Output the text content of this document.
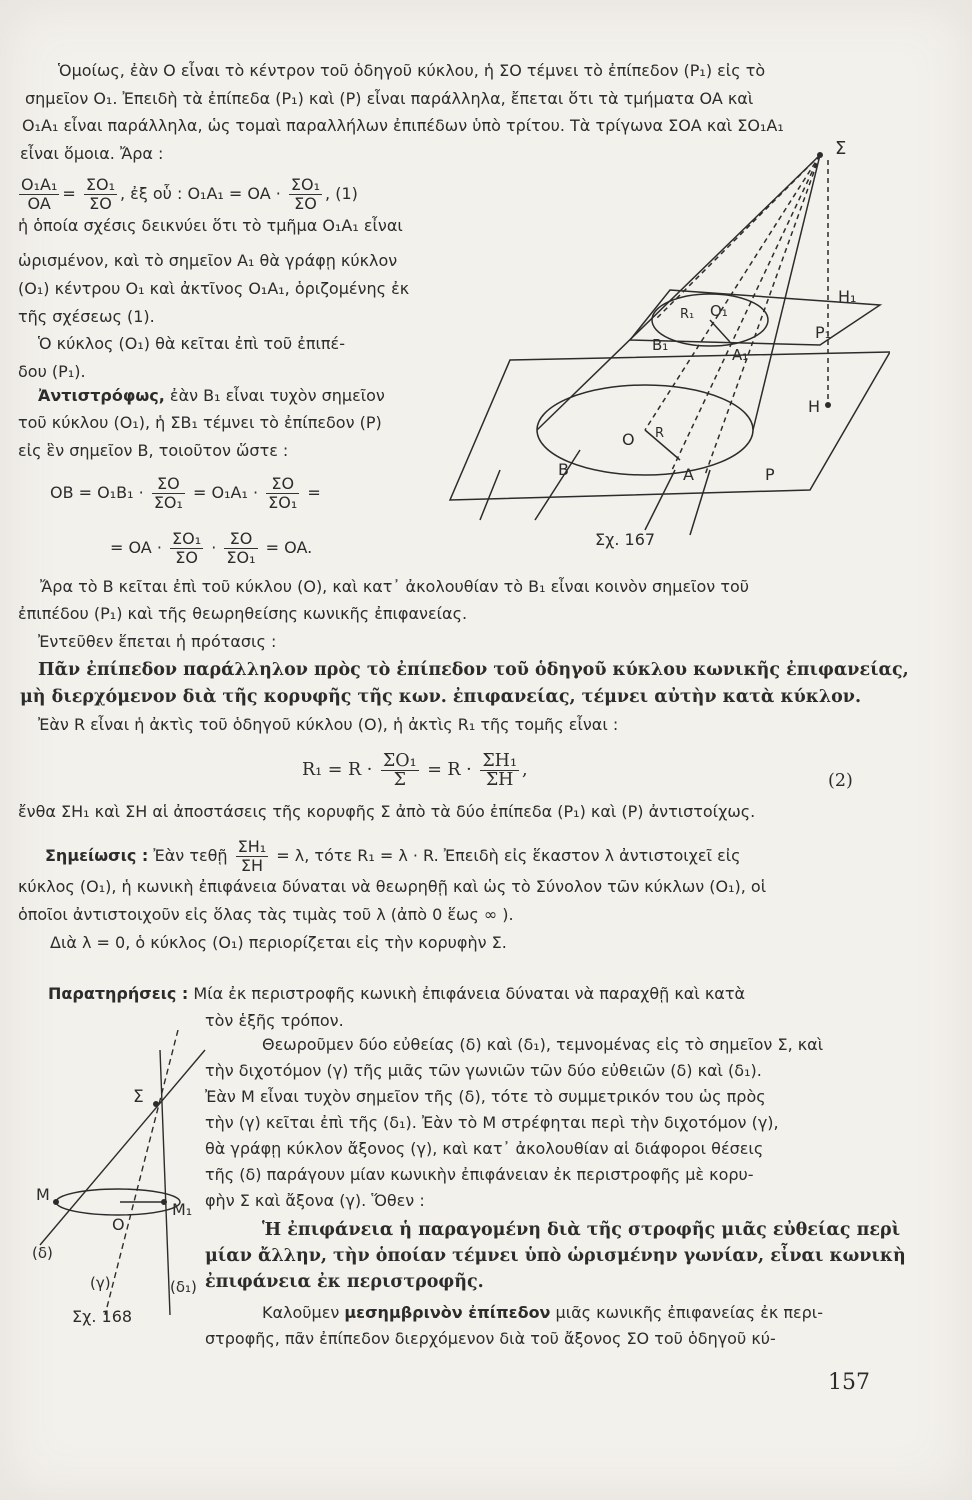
Ὁμοίως, ἐὰν Ο εἶναι τὸ κέντρον τοῦ ὁδηγοῦ κύκλου, ἡ ΣΟ τέμνει τὸ ἐπίπεδον (P₁) εἰς τὸ
σημεῖον O₁. Ἐπειδὴ τὰ ἐπίπεδα (P₁) καὶ (P) εἶναι παράλληλα, ἔπεται ὅτι τὰ τμήματα OA καὶ
O₁A₁ εἶναι παράλληλα, ὡς τομαὶ παραλλήλων ἐπιπέδων ὑπὸ τρίτου. Τὰ τρίγωνα ΣΟΑ καὶ ΣO₁A₁
εἶναι ὅμοια. Ἄρα :
$\frac{\text{O₁A₁}}{OA} = \frac{\text{ΣO₁}}{\Sigma O}$ , ἐξ οὗ : O₁A₁ = OA · $\frac{\text{ΣO₁}}{\Sigma O}$ , (1)
ἡ ὁποία σχέσις δεικνύει ὅτι τὸ τμῆμα O₁A₁ εἶναι
ὡρισμένον, καὶ τὸ σημεῖον A₁ θὰ γράφῃ κύκλον
(O₁) κέντρου O₁ καὶ ἀκτῖνος O₁A₁, ὁριζομένης ἐκ
τῆς σχέσεως (1).
Ὁ κύκλος (O₁) θὰ κεῖται ἐπὶ τοῦ ἐπιπέ-
δου (P₁).
Ἀντιστρόφως, ἐὰν B₁ εἶναι τυχὸν σημεῖον
τοῦ κύκλου (O₁), ἡ ΣB₁ τέμνει τὸ ἐπίπεδον (P)
εἰς ἓν σημεῖον B, τοιοῦτον ὥστε :
OB = $O_1B_1 \cdot \frac{\Sigma O}{\text{ΣO₁}} = O_1A_1 \cdot \frac{\Sigma O}{\text{ΣO₁}}$ =
= OA · $\frac{\text{ΣO₁}}{\Sigma O} \cdot \frac{\Sigma O}{\text{ΣO₁}}$ = OA.
Σ
H₁
P₁
R₁ O₁
B₁
A₁
H
O R
B	A	P
Σχ. 167
Ἄρα τὸ B κεῖται ἐπὶ τοῦ κύκλου (O), καὶ κατ᾽ ἀκολουθίαν τὸ B₁ εἶναι κοινὸν σημεῖον τοῦ
ἐπιπέδου (P₁) καὶ τῆς θεωρηθείσης κωνικῆς ἐπιφανείας.
Ἐντεῦθεν ἕπεται ἡ πρότασις :
Πᾶν ἐπίπεδον παράλληλον πρὸς τὸ ἐπίπεδον τοῦ ὁδηγοῦ κύκλου κωνικῆς ἐπιφανείας,
μὴ διερχόμενον διὰ τῆς κορυφῆς τῆς κων. ἐπιφανείας, τέμνει αὐτὴν κατὰ κύκλον.
Ἐὰν R εἶναι ἡ ἀκτὶς τοῦ ὁδηγοῦ κύκλου (O), ἡ ἀκτὶς R₁ τῆς τομῆς εἶναι :
$R_1 = R \cdot \frac{\text{ΣO₁}}{\Sigma} = R \cdot \frac{\text{ΣH₁}}{\Sigma H}$ ,
(2)
ἔνθα ΣH₁ καὶ ΣH αἱ ἀποστάσεις τῆς κορυφῆς Σ ἀπὸ τὰ δύο ἐπίπεδα (P₁) καὶ (P) ἀντιστοίχως.
Σημείωσις : Ἐὰν τεθῇ $\frac{\text{ΣH₁}}{\Sigma H} = \lambda$, τότε R₁ = λ · R. Ἐπειδὴ εἰς ἕκαστον λ ἀντιστοιχεῖ εἰς
κύκλος (O₁), ἡ κωνικὴ ἐπιφάνεια δύναται νὰ θεωρηθῇ καὶ ὡς τὸ Σύνολον τῶν κύκλων (O₁), οἱ
ὁποῖοι ἀντιστοιχοῦν εἰς ὅλας τὰς τιμὰς τοῦ λ (ἀπὸ 0 ἕως ∞ ).
Διὰ λ = 0, ὁ κύκλος (O₁) περιορίζεται εἰς τὴν κορυφὴν Σ.
Παρατηρήσεις : Μία ἐκ περιστροφῆς κωνικὴ ἐπιφάνεια δύναται νὰ παραχθῇ καὶ κατὰ
τὸν ἑξῆς τρόπον.
Θεωροῦμεν δύο εὐθείας (δ) καὶ (δ₁), τεμνομένας εἰς τὸ σημεῖον Σ, καὶ
τὴν διχοτόμον (γ) τῆς μιᾶς τῶν γωνιῶν τῶν δύο εὐθειῶν (δ) καὶ (δ₁).
Ἐὰν M εἶναι τυχὸν σημεῖον τῆς (δ), τότε τὸ συμμετρικόν του ὡς πρὸς
τὴν (γ) κεῖται ἐπὶ τῆς (δ₁). Ἐὰν τὸ M στρέφηται περὶ τὴν διχοτόμον (γ),
θὰ γράφῃ κύκλον ἄξονος (γ), καὶ κατ᾽ ἀκολουθίαν αἱ διάφοροι θέσεις
τῆς (δ) παράγουν μίαν κωνικὴν ἐπιφάνειαν ἐκ περιστροφῆς μὲ κορυ-
φὴν Σ καὶ ἄξονα (γ). Ὅθεν :
Ἡ ἐπιφάνεια ἡ παραγομένη διὰ τῆς στροφῆς μιᾶς εὐθείας περὶ
μίαν ἄλλην, τὴν ὁποίαν τέμνει ὑπὸ ὡρισμένην γωνίαν, εἶναι κωνικὴ
ἐπιφάνεια ἐκ περιστροφῆς.
Καλοῦμεν μεσημβρινὸν ἐπίπεδον μιᾶς κωνικῆς ἐπιφανείας ἐκ περι-
στροφῆς, πᾶν ἐπίπεδον διερχόμενον διὰ τοῦ ἄξονος ΣΟ τοῦ ὁδηγοῦ κύ-
Σ
M
M₁
O
(δ)
(γ)	(δ₁)
Σχ. 168
157
